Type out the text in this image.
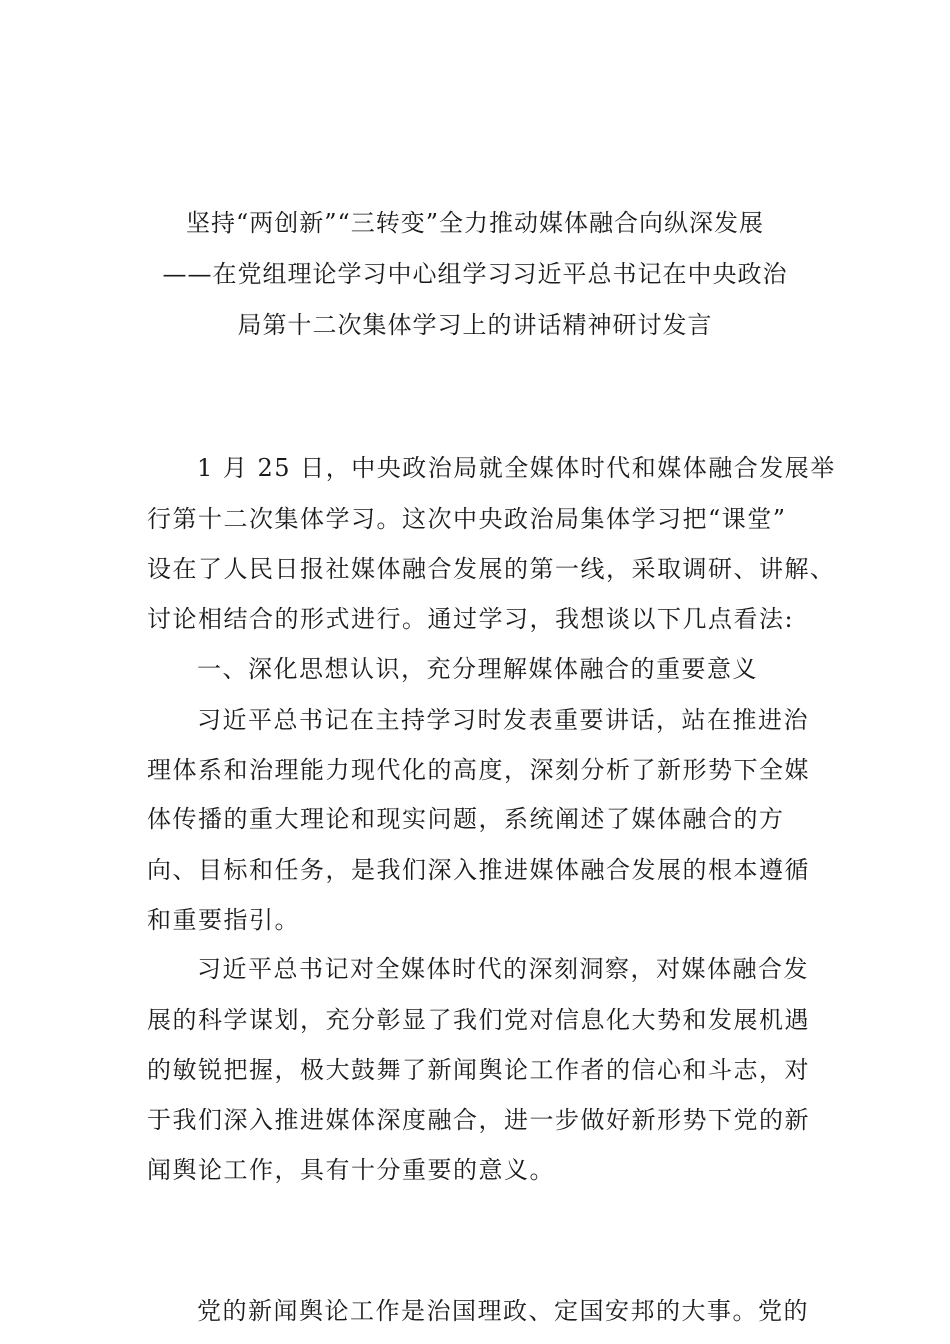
坚持“两创新”“三转变”全力推动媒体融合向纵深发展
——在党组理论学习中心组学习习近平总书记在中央政治
局第十二次集体学习上的讲话精神研讨发言
1 月 25 日，中央政治局就全媒体时代和媒体融合发展举
行第十二次集体学习。这次中央政治局集体学习把“课堂”
设在了人民日报社媒体融合发展的第一线，采取调研、讲解、
讨论相结合的形式进行。通过学习，我想谈以下几点看法:
一、深化思想认识，充分理解媒体融合的重要意义
习近平总书记在主持学习时发表重要讲话，站在推进治
理体系和治理能力现代化的高度，深刻分析了新形势下全媒
体传播的重大理论和现实问题，系统阐述了媒体融合的方
向、目标和任务，是我们深入推进媒体融合发展的根本遵循
和重要指引。
习近平总书记对全媒体时代的深刻洞察，对媒体融合发
展的科学谋划，充分彰显了我们党对信息化大势和发展机遇
的敏锐把握，极大鼓舞了新闻舆论工作者的信心和斗志，对
于我们深入推进媒体深度融合，进一步做好新形势下党的新
闻舆论工作，具有十分重要的意义。
党的新闻舆论工作是治国理政、定国安邦的大事。党的
